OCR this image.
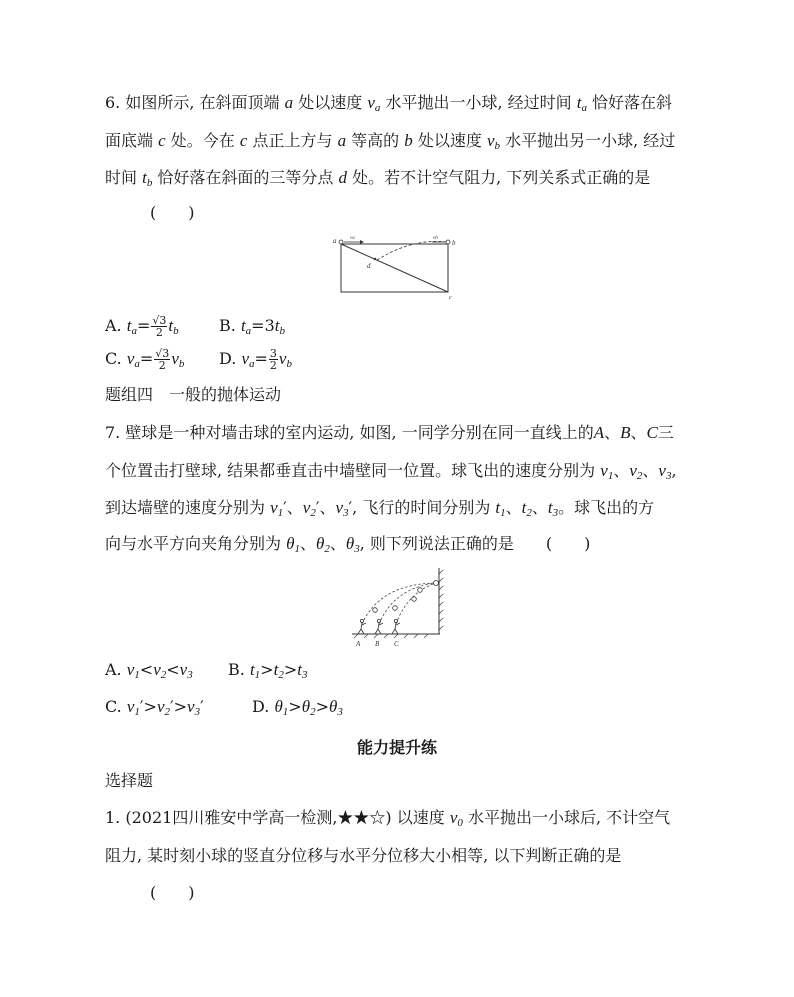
6. 如图所示, 在斜面顶端 a 处以速度 $v_a$ 水平抛出一小球, 经过时间 $t_a$ 恰好落在斜
面底端 c 处。今在 c 点正上方与 a 等高的 b 处以速度 $v_b$ 水平抛出另一小球, 经过
时间 $t_b$ 恰好落在斜面的三等分点 d 处。若不计空气阻力, 下列关系式正确的是
(　　)
a	b
c
d
va	vb
A. $t_a= \frac{√3}{2} t_b$	B. $t_a=3t_b$
C. $v_a= \frac{√3}{2} v_b$ D. $v_a= \frac{3}{2} v_b$
题组四　一般的抛体运动
7. 壁球是一种对墙击球的室内运动, 如图, 一同学分别在同一直线上的A、B、C三
个位置击打壁球, 结果都垂直击中墙壁同一位置。球飞出的速度分别为 $v_1$、$v_2$、$v_3$,
到达墙壁的速度分别为 $v_1'$、$v_2'$、$v_3'$, 飞行的时间分别为 $t_1$、$t_2$、$t_3$。球飞出的方
向与水平方向夹角分别为 $\theta_1$、$\theta_2$、$\theta_3$, 则下列说法正确的是　　(　　)
A B C
A. $v_1<v_2<v_3$ B. $t_1>t_2>t_3$
C. $v_1'>v_2'>v_3'$	D. $\theta_1>\theta_2>\theta_3$
能力提升练
选择题
1. (2021四川雅安中学高一检测,★★☆) 以速度 $v_0$ 水平抛出一小球后, 不计空气
阻力, 某时刻小球的竖直分位移与水平分位移大小相等, 以下判断正确的是
(　　)
